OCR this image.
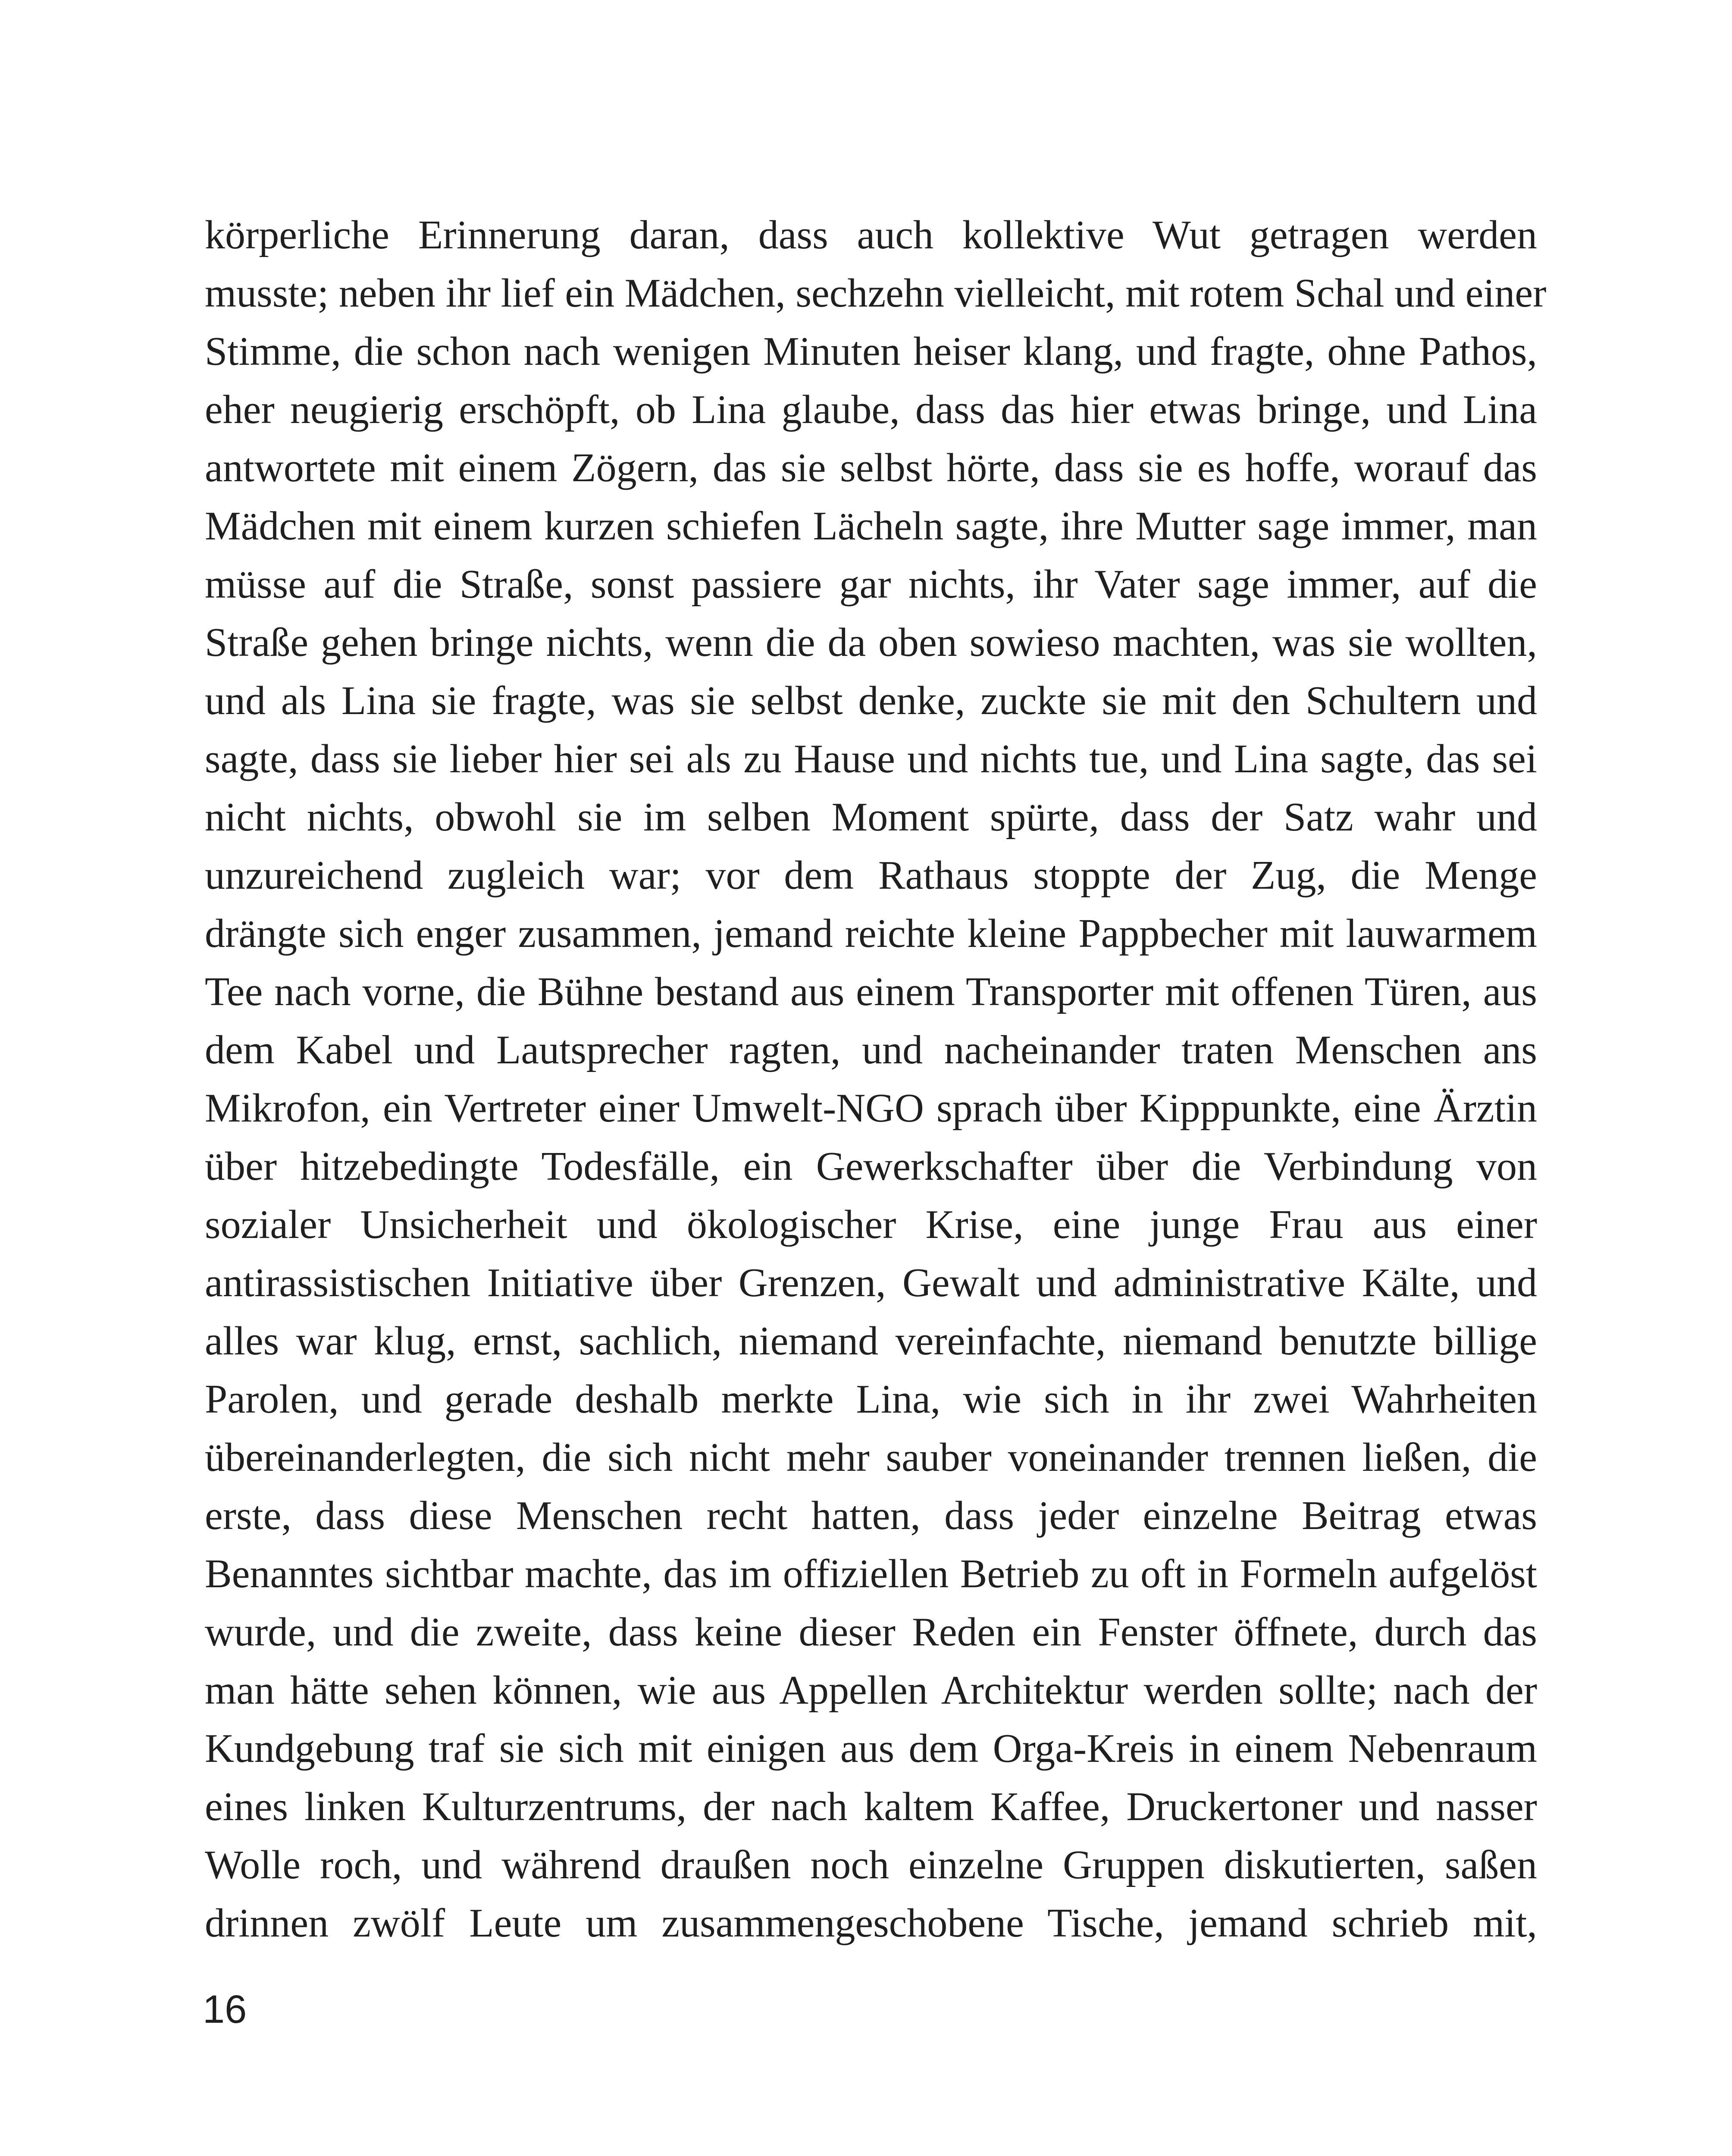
körperliche Erinnerung daran, dass auch kollektive Wut getragen werden
musste; neben ihr lief ein Mädchen, sechzehn vielleicht, mit rotem Schal und einer
Stimme, die schon nach wenigen Minuten heiser klang, und fragte, ohne Pathos,
eher neugierig erschöpft, ob Lina glaube, dass das hier etwas bringe, und Lina
antwortete mit einem Zögern, das sie selbst hörte, dass sie es hoffe, worauf das
Mädchen mit einem kurzen schiefen Lächeln sagte, ihre Mutter sage immer, man
müsse auf die Straße, sonst passiere gar nichts, ihr Vater sage immer, auf die
Straße gehen bringe nichts, wenn die da oben sowieso machten, was sie wollten,
und als Lina sie fragte, was sie selbst denke, zuckte sie mit den Schultern und
sagte, dass sie lieber hier sei als zu Hause und nichts tue, und Lina sagte, das sei
nicht nichts, obwohl sie im selben Moment spürte, dass der Satz wahr und
unzureichend zugleich war; vor dem Rathaus stoppte der Zug, die Menge
drängte sich enger zusammen, jemand reichte kleine Pappbecher mit lauwarmem
Tee nach vorne, die Bühne bestand aus einem Transporter mit offenen Türen, aus
dem Kabel und Lautsprecher ragten, und nacheinander traten Menschen ans
Mikrofon, ein Vertreter einer Umwelt-NGO sprach über Kipppunkte, eine Ärztin
über hitzebedingte Todesfälle, ein Gewerkschafter über die Verbindung von
sozialer Unsicherheit und ökologischer Krise, eine junge Frau aus einer
antirassistischen Initiative über Grenzen, Gewalt und administrative Kälte, und
alles war klug, ernst, sachlich, niemand vereinfachte, niemand benutzte billige
Parolen, und gerade deshalb merkte Lina, wie sich in ihr zwei Wahrheiten
übereinanderlegten, die sich nicht mehr sauber voneinander trennen ließen, die
erste, dass diese Menschen recht hatten, dass jeder einzelne Beitrag etwas
Benanntes sichtbar machte, das im offiziellen Betrieb zu oft in Formeln aufgelöst
wurde, und die zweite, dass keine dieser Reden ein Fenster öffnete, durch das
man hätte sehen können, wie aus Appellen Architektur werden sollte; nach der
Kundgebung traf sie sich mit einigen aus dem Orga-Kreis in einem Nebenraum
eines linken Kulturzentrums, der nach kaltem Kaffee, Druckertoner und nasser
Wolle roch, und während draußen noch einzelne Gruppen diskutierten, saßen
drinnen zwölf Leute um zusammengeschobene Tische, jemand schrieb mit,
16
